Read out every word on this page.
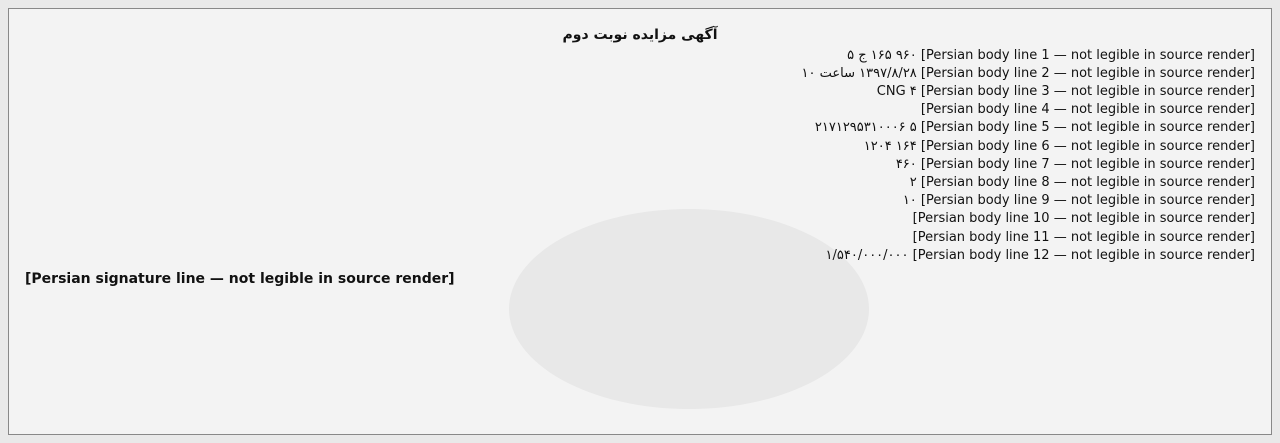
آگهی مزایده نوبت دوم
[Persian body line 1 — not legible in source render] ۱۶۵ ۹۶۰ ج ۵
[Persian body line 2 — not legible in source render] ۱۳۹۷/۸/۲۸ ساعت ۱۰
[Persian body line 3 — not legible in source render] CNG ۴
[Persian body line 4 — not legible in source render]
[Persian body line 5 — not legible in source render] ۲۱۷۱۲۹۵۳۱۰۰۰۶ ۵
[Persian body line 6 — not legible in source render] ۱۲۰۴ ۱۶۴
[Persian body line 7 — not legible in source render] ۴۶۰
[Persian body line 8 — not legible in source render] ۲
[Persian body line 9 — not legible in source render] ۱۰
[Persian body line 10 — not legible in source render]
[Persian body line 11 — not legible in source render]
[Persian body line 12 — not legible in source render] ۱/۵۴۰/۰۰۰/۰۰۰
[Persian signature line — not legible in source render]
